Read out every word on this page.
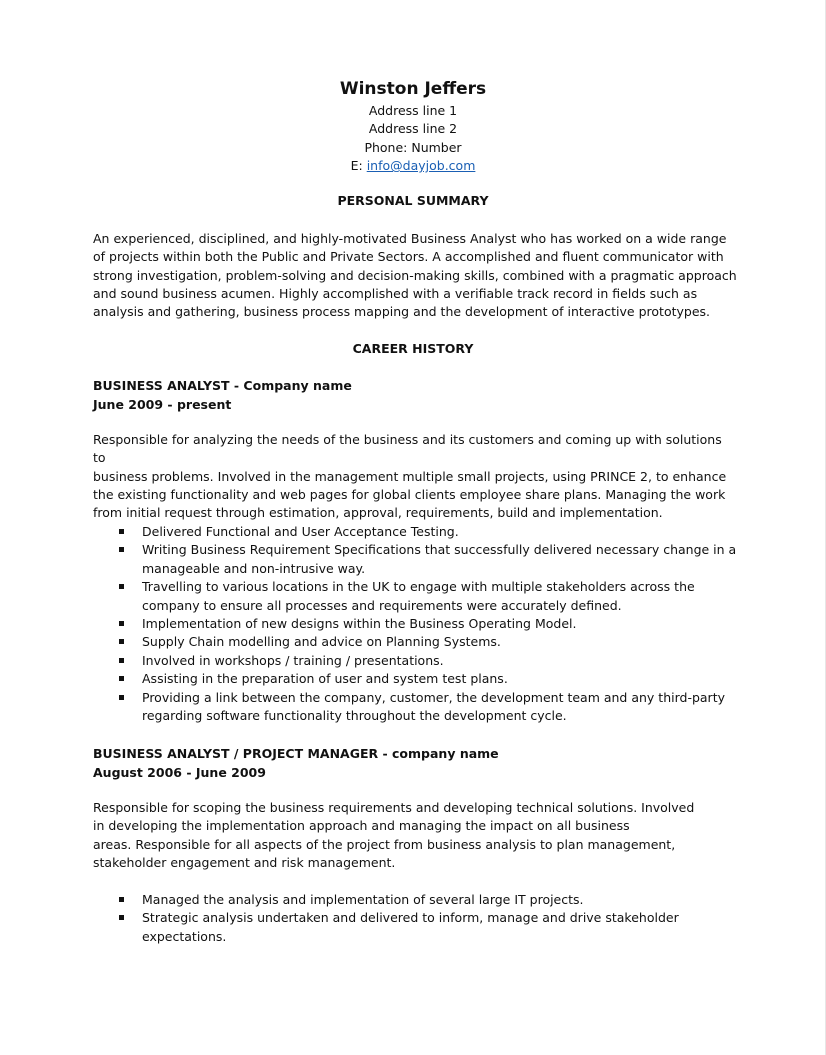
Winston Jeffers

Address line 1

Address line 2

Phone: Number

E: info@dayjob.com

PERSONAL SUMMARY

An experienced, disciplined, and highly-motivated Business Analyst who has worked on a wide range

of projects within both the Public and Private Sectors. A accomplished and fluent communicator with

strong investigation, problem-solving and decision-making skills, combined with a pragmatic approach

and sound business acumen. Highly accomplished with a verifiable track record in fields such as

analysis and gathering, business process mapping and the development of interactive prototypes.

CAREER HISTORY

BUSINESS ANALYST - Company name

June 2009 - present

Responsible for analyzing the needs of the business and its customers and coming up with solutions to

business problems. Involved in the management multiple small projects, using PRINCE 2, to enhance

the existing functionality and web pages for global clients employee share plans. Managing the work

from initial request through estimation, approval, requirements, build and implementation.

Delivered Functional and User Acceptance Testing.
Writing Business Requirement Specifications that successfully delivered necessary change in a
manageable and non-intrusive way.
Travelling to various locations in the UK to engage with multiple stakeholders across the
company to ensure all processes and requirements were accurately defined.
Implementation of new designs within the Business Operating Model.
Supply Chain modelling and advice on Planning Systems.
Involved in workshops / training / presentations.
Assisting in the preparation of user and system test plans.
Providing a link between the company, customer, the development team and any third-party
regarding software functionality throughout the development cycle.

BUSINESS ANALYST / PROJECT MANAGER - company name

August 2006 - June 2009

Responsible for scoping the business requirements and developing technical solutions. Involved

in developing the implementation approach and managing the impact on all business

areas. Responsible for all aspects of the project from business analysis to plan management,

stakeholder engagement and risk management.

Managed the analysis and implementation of several large IT projects.
Strategic analysis undertaken and delivered to inform, manage and drive stakeholder
expectations.
